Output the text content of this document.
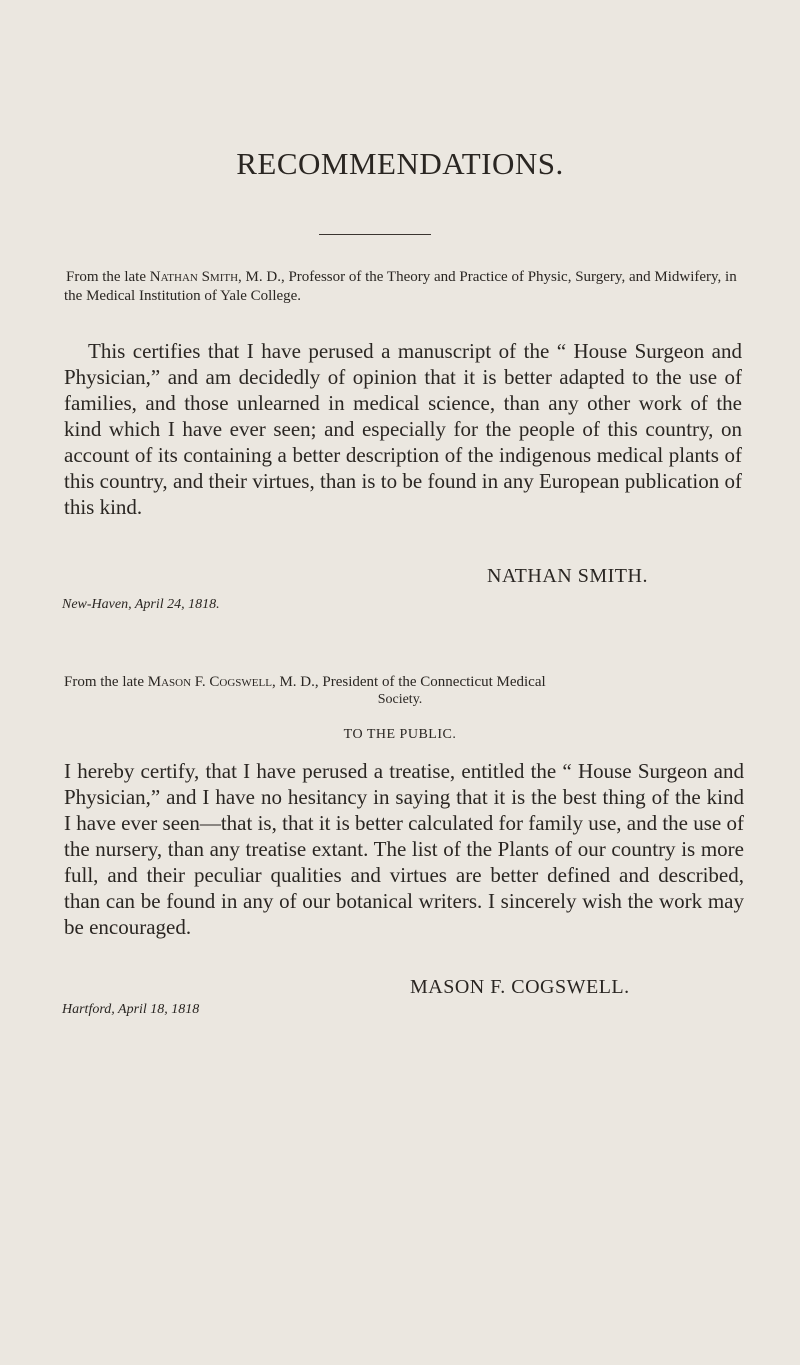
RECOMMENDATIONS.
From the late Nathan Smith, M. D., Professor of the Theory and Practice of Physic, Surgery, and Midwifery, in the Medical Institution of Yale College.
This certifies that I have perused a manuscript of the “ House Surgeon and Physician,” and am decidedly of opinion that it is better adapted to the use of families, and those unlearned in medical science, than any other work of the kind which I have ever seen; and especially for the people of this country, on account of its containing a better description of the indigenous medical plants of this country, and their virtues, than is to be found in any European publication of this kind.
NATHAN SMITH.
New-Haven, April 24, 1818.
From the late Mason F. Cogswell, M. D., President of the Connecticut Medical
Society.
TO THE PUBLIC.
I hereby certify, that I have perused a treatise, entitled the “ House Surgeon and Physician,” and I have no hesitancy in saying that it is the best thing of the kind I have ever seen—that is, that it is better calculated for family use, and the use of the nursery, than any treatise extant. The list of the Plants of our country is more full, and their peculiar qualities and virtues are better defined and described, than can be found in any of our botanical writers. I sincerely wish the work may be encouraged.
MASON F. COGSWELL.
Hartford, April 18, 1818
